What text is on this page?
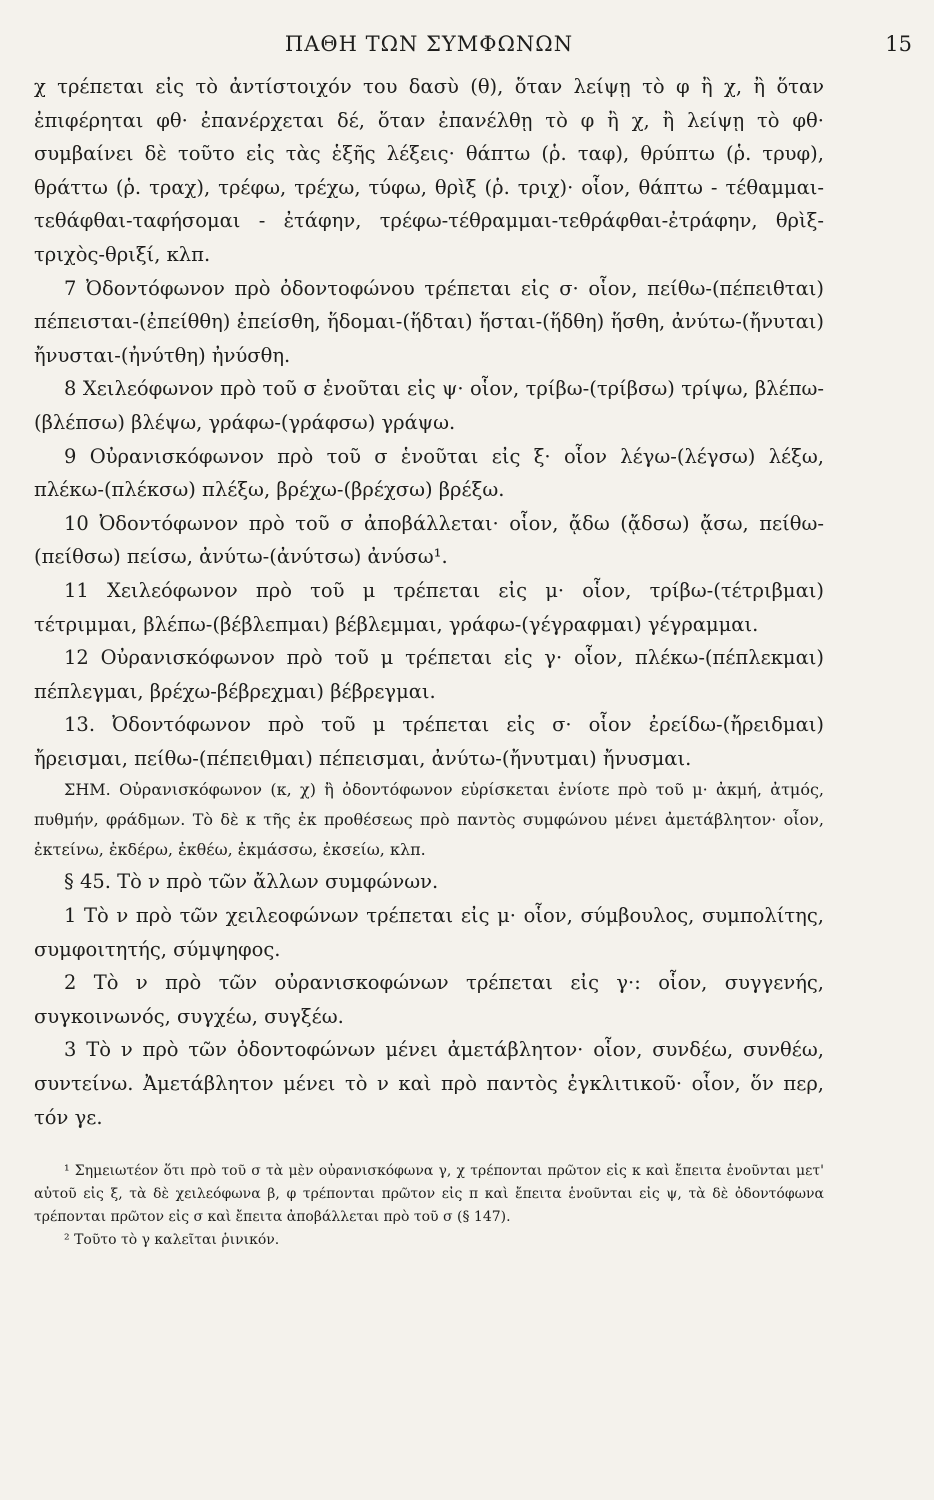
ΠΑΘΗ ΤΩΝ ΣΥΜΦΩΝΩΝ	15

χ τρέπεται εἰς τὸ ἀντίστοιχόν του δασὺ (θ), ὅταν λείψῃ τὸ φ ἢ χ, ἢ ὅταν ἐπιφέρηται φθ· ἐπανέρχεται δέ, ὅταν ἐπανέλθῃ τὸ φ ἢ χ, ἢ λείψῃ τὸ φθ· συμβαίνει δὲ τοῦτο εἰς τὰς ἑξῆς λέξεις· θάπτω (ῥ. ταφ), θρύπτω (ῥ. τρυφ), θράττω (ῥ. τραχ), τρέφω, τρέχω, τύφω, θρὶξ (ῥ. τριχ)· οἷον, θάπτω - τέθαμμαι-τεθάφθαι-ταφήσομαι - ἐτάφην, τρέφω-τέθραμμαι-τεθράφθαι-ἐτράφην, θρὶξ-τριχὸς-θριξί, κλπ.

7 Ὀδοντόφωνον πρὸ ὀδοντοφώνου τρέπεται εἰς σ· οἷον, πείθω-(πέπειθται) πέπεισται-(ἐπείθθη) ἐπείσθη, ἥδομαι-(ἥδται) ἥσται-(ἥδθη) ἥσθη, ἀνύτω-(ἤνυται) ἤνυσται-(ἠνύτθη) ἠνύσθη.

8 Χειλεόφωνον πρὸ τοῦ σ ἑνοῦται εἰς ψ· οἷον, τρίβω-(τρίβσω) τρίψω, βλέπω-(βλέπσω) βλέψω, γράφω-(γράφσω) γράψω.

9 Οὐρανισκόφωνον πρὸ τοῦ σ ἑνοῦται εἰς ξ· οἷον λέγω-(λέγσω) λέξω, πλέκω-(πλέκσω) πλέξω, βρέχω-(βρέχσω) βρέξω.

10 Ὀδοντόφωνον πρὸ τοῦ σ ἀποβάλλεται· οἷον, ᾄδω (ᾄδσω) ᾄσω, πείθω-(πείθσω) πείσω, ἀνύτω-(ἀνύτσω) ἀνύσω¹.

11 Χειλεόφωνον πρὸ τοῦ μ τρέπεται εἰς μ· οἷον, τρίβω-(τέτριβμαι) τέτριμμαι, βλέπω-(βέβλεπμαι) βέβλεμμαι, γράφω-(γέγραφμαι) γέγραμμαι.

12 Οὐρανισκόφωνον πρὸ τοῦ μ τρέπεται εἰς γ· οἷον, πλέκω-(πέπλεκμαι) πέπλεγμαι, βρέχω-βέβρεχμαι) βέβρεγμαι.

13. Ὀδοντόφωνον πρὸ τοῦ μ τρέπεται εἰς σ· οἷον ἐρείδω-(ἤρειδμαι) ἤρεισμαι, πείθω-(πέπειθμαι) πέπεισμαι, ἀνύτω-(ἤνυτμαι) ἤνυσμαι.

ΣΗΜ. Οὐρανισκόφωνον (κ, χ) ἢ ὀδοντόφωνον εὑρίσκεται ἐνίοτε πρὸ τοῦ μ· ἀκμή, ἀτμός, πυθμήν, φράδμων. Τὸ δὲ κ τῆς ἐκ προθέσεως πρὸ παντὸς συμφώνου μένει ἀμετάβλητον· οἷον, ἐκτείνω, ἐκδέρω, ἐκθέω, ἐκμάσσω, ἐκσείω, κλπ.

§ 45. Τὸ ν πρὸ τῶν ἄλλων συμφώνων.

1 Τὸ ν πρὸ τῶν χειλεοφώνων τρέπεται εἰς μ· οἷον, σύμβουλος, συμπολίτης, συμφοιτητής, σύμψηφος.

2 Τὸ ν πρὸ τῶν οὐρανισκοφώνων τρέπεται εἰς γ·: οἷον, συγγενής, συγκοινωνός, συγχέω, συγξέω.

3 Τὸ ν πρὸ τῶν ὀδοντοφώνων μένει ἀμετάβλητον· οἷον, συνδέω, συνθέω, συντείνω. Ἀμετάβλητον μένει τὸ ν καὶ πρὸ παντὸς ἐγκλιτικοῦ· οἷον, ὅν περ, τόν γε.

¹ Σημειωτέον ὅτι πρὸ τοῦ σ τὰ μὲν οὐρανισκόφωνα γ, χ τρέπονται πρῶτον εἰς κ καὶ ἔπειτα ἑνοῦνται μετ' αὐτοῦ εἰς ξ, τὰ δὲ χειλεόφωνα β, φ τρέπονται πρῶτον εἰς π καὶ ἔπειτα ἑνοῦνται εἰς ψ, τὰ δὲ ὀδοντόφωνα τρέπονται πρῶτον εἰς σ καὶ ἔπειτα ἀποβάλλεται πρὸ τοῦ σ (§ 147).

² Τοῦτο τὸ γ καλεῖται ῥινικόν.
